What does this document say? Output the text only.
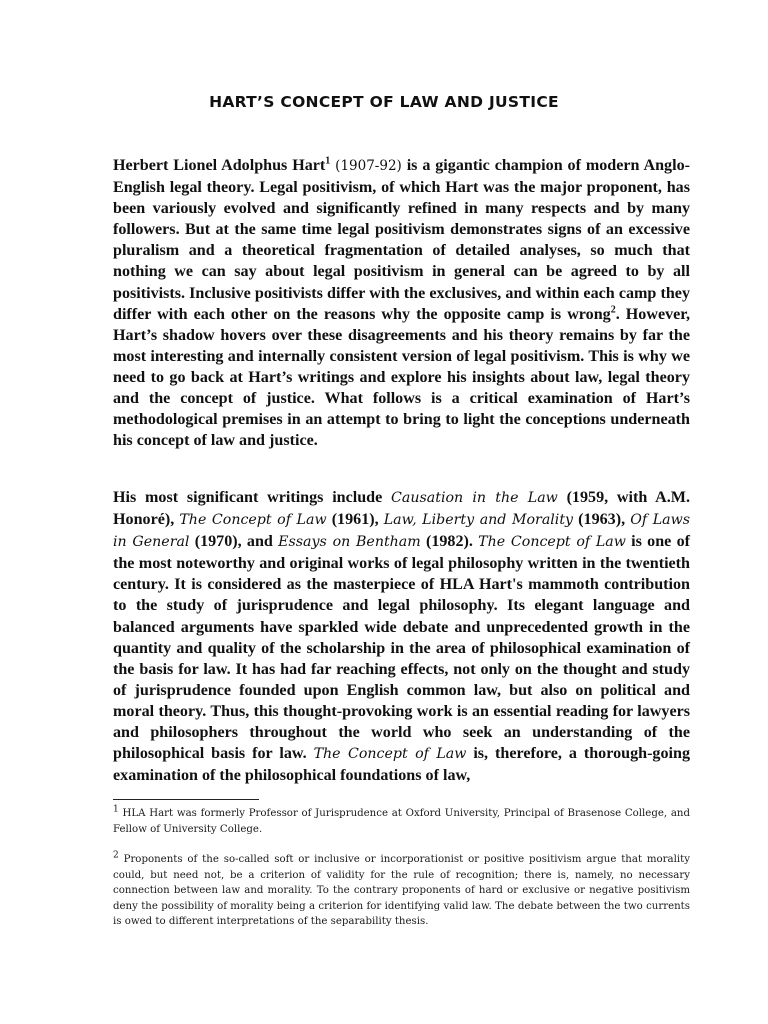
HART’S CONCEPT OF LAW AND JUSTICE

Herbert Lionel Adolphus Hart$^1$ (1907-92) is a gigantic champion of modern Anglo-English legal theory. Legal positivism, of which Hart was the major proponent, has been variously evolved and significantly refined in many respects and by many followers. But at the same time legal positivism demonstrates signs of an excessive pluralism and a theoretical fragmentation of detailed analyses, so much that nothing we can say about legal positivism in general can be agreed to by all positivists. Inclusive positivists differ with the exclusives, and within each camp they differ with each other on the reasons why the opposite camp is wrong$^2$. However, Hart’s shadow hovers over these disagreements and his theory remains by far the most interesting and internally consistent version of legal positivism. This is why we need to go back at Hart’s writings and explore his insights about law, legal theory and the concept of justice. What follows is a critical examination of Hart’s methodological premises in an attempt to bring to light the conceptions underneath his concept of law and justice.

His most significant writings include Causation in the Law (1959, with A.M. Honoré), The Concept of Law (1961), Law, Liberty and Morality (1963), Of Laws in General (1970), and Essays on Bentham (1982). The Concept of Law is one of the most noteworthy and original works of legal philosophy written in the twentieth century. It is considered as the masterpiece of HLA Hart's mammoth contribution to the study of jurisprudence and legal philosophy. Its elegant language and balanced arguments have sparkled wide debate and unprecedented growth in the quantity and quality of the scholarship in the area of philosophical examination of the basis for law. It has had far reaching effects, not only on the thought and study of jurisprudence founded upon English common law, but also on political and moral theory. Thus, this thought-provoking work is an essential reading for lawyers and philosophers throughout the world who seek an understanding of the philosophical basis for law. The Concept of Law is, therefore, a thorough-going examination of the philosophical foundations of law,

$^1$ HLA Hart was formerly Professor of Jurisprudence at Oxford University, Principal of Brasenose College, and Fellow of University College.

$^2$ Proponents of the so-called soft or inclusive or incorporationist or positive positivism argue that morality could, but need not, be a criterion of validity for the rule of recognition; there is, namely, no necessary connection between law and morality. To the contrary proponents of hard or exclusive or negative positivism deny the possibility of morality being a criterion for identifying valid law. The debate between the two currents is owed to different interpretations of the separability thesis.
